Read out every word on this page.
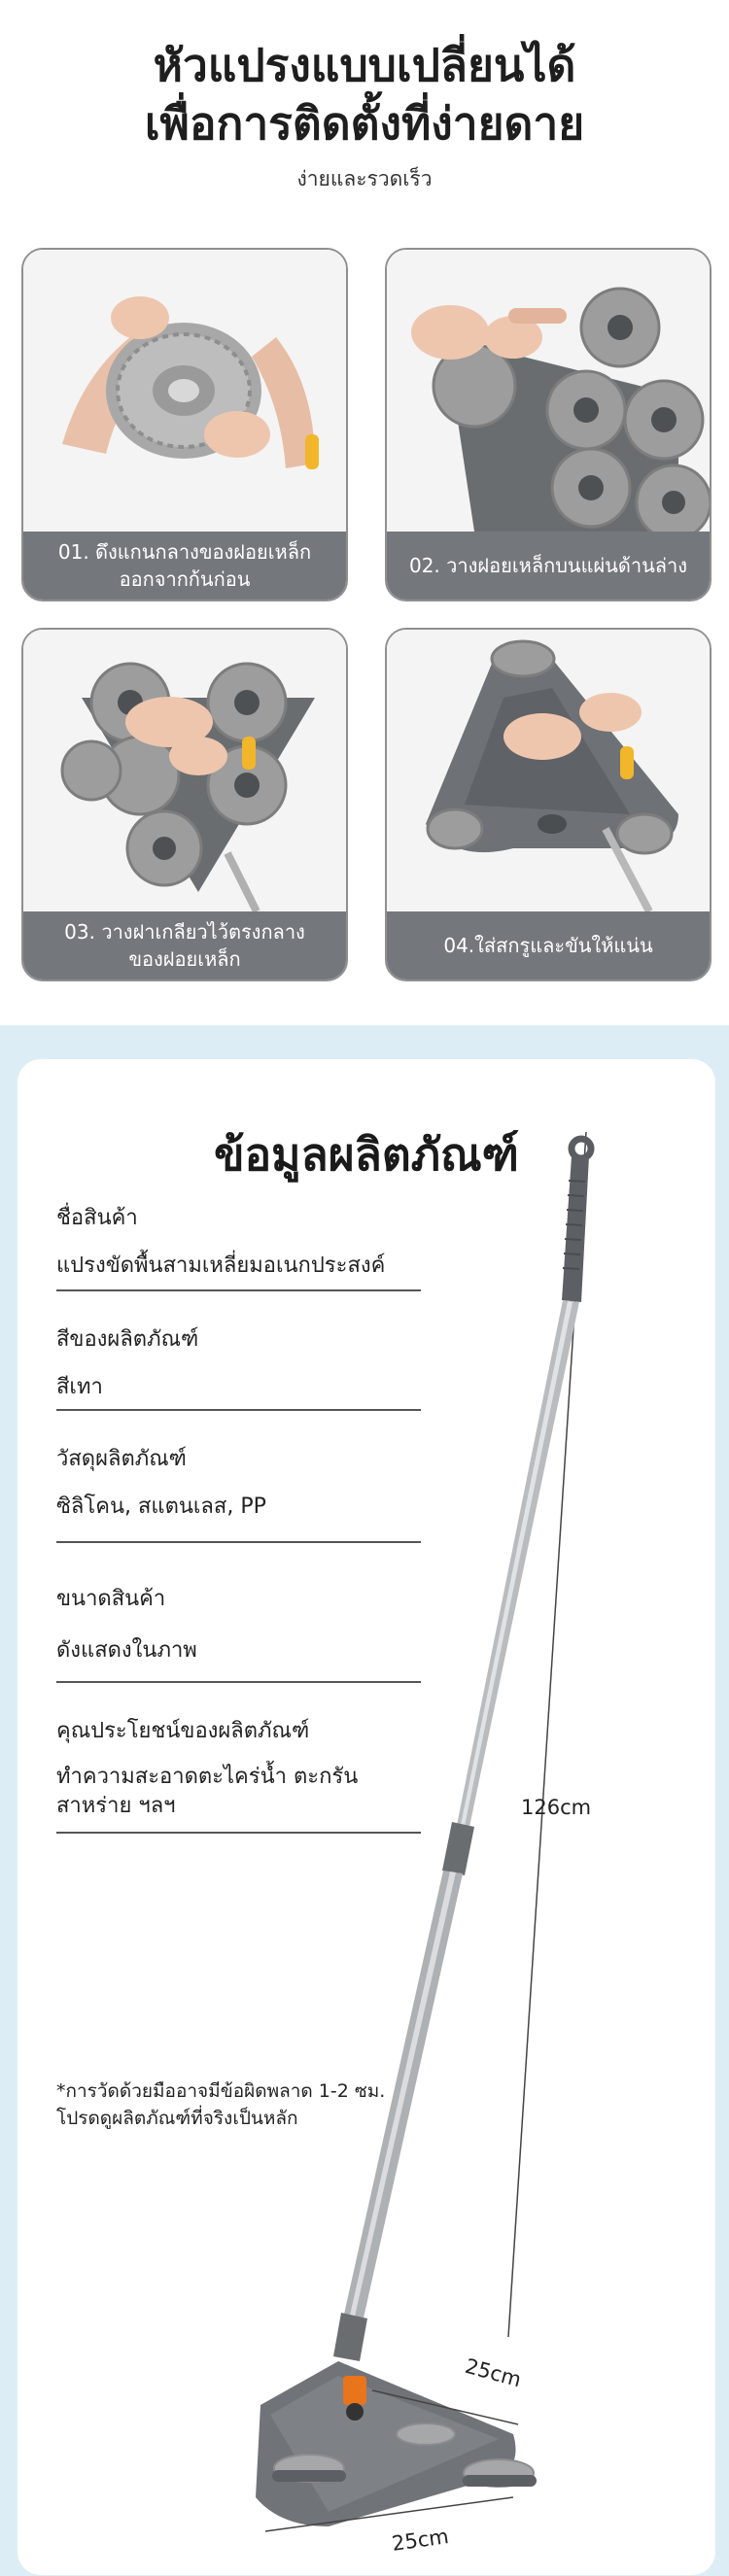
หัวแปรงแบบเปลี่ยนได้
เพื่อการติดตั้งที่ง่ายดาย
ง่ายและรวดเร็ว
01. ดึงแกนกลางของฝอยเหล็ก
ออกจากก้นก่อน
02. วางฝอยเหล็กบนแผ่นด้านล่าง
03. วางฝาเกลียวไว้ตรงกลาง
ของฝอยเหล็ก
04.ใส่สกรูและขันให้แน่น
ข้อมูลผลิตภัณฑ์
ชื่อสินค้า
แปรงขัดพื้นสามเหลี่ยมอเนกประสงค์
สีของผลิตภัณฑ์
สีเทา
วัสดุผลิตภัณฑ์
ซิลิโคน, สแตนเลส, PP
ขนาดสินค้า
ดังแสดงในภาพ
คุณประโยชน์ของผลิตภัณฑ์
ทำความสะอาดตะไคร่น้ำ ตะกรัน สาหร่าย ฯลฯ
*การวัดด้วยมืออาจมีข้อผิดพลาด 1-2 ซม. โปรดดูผลิตภัณฑ์ที่จริงเป็นหลัก
126cm
25cm
25cm
